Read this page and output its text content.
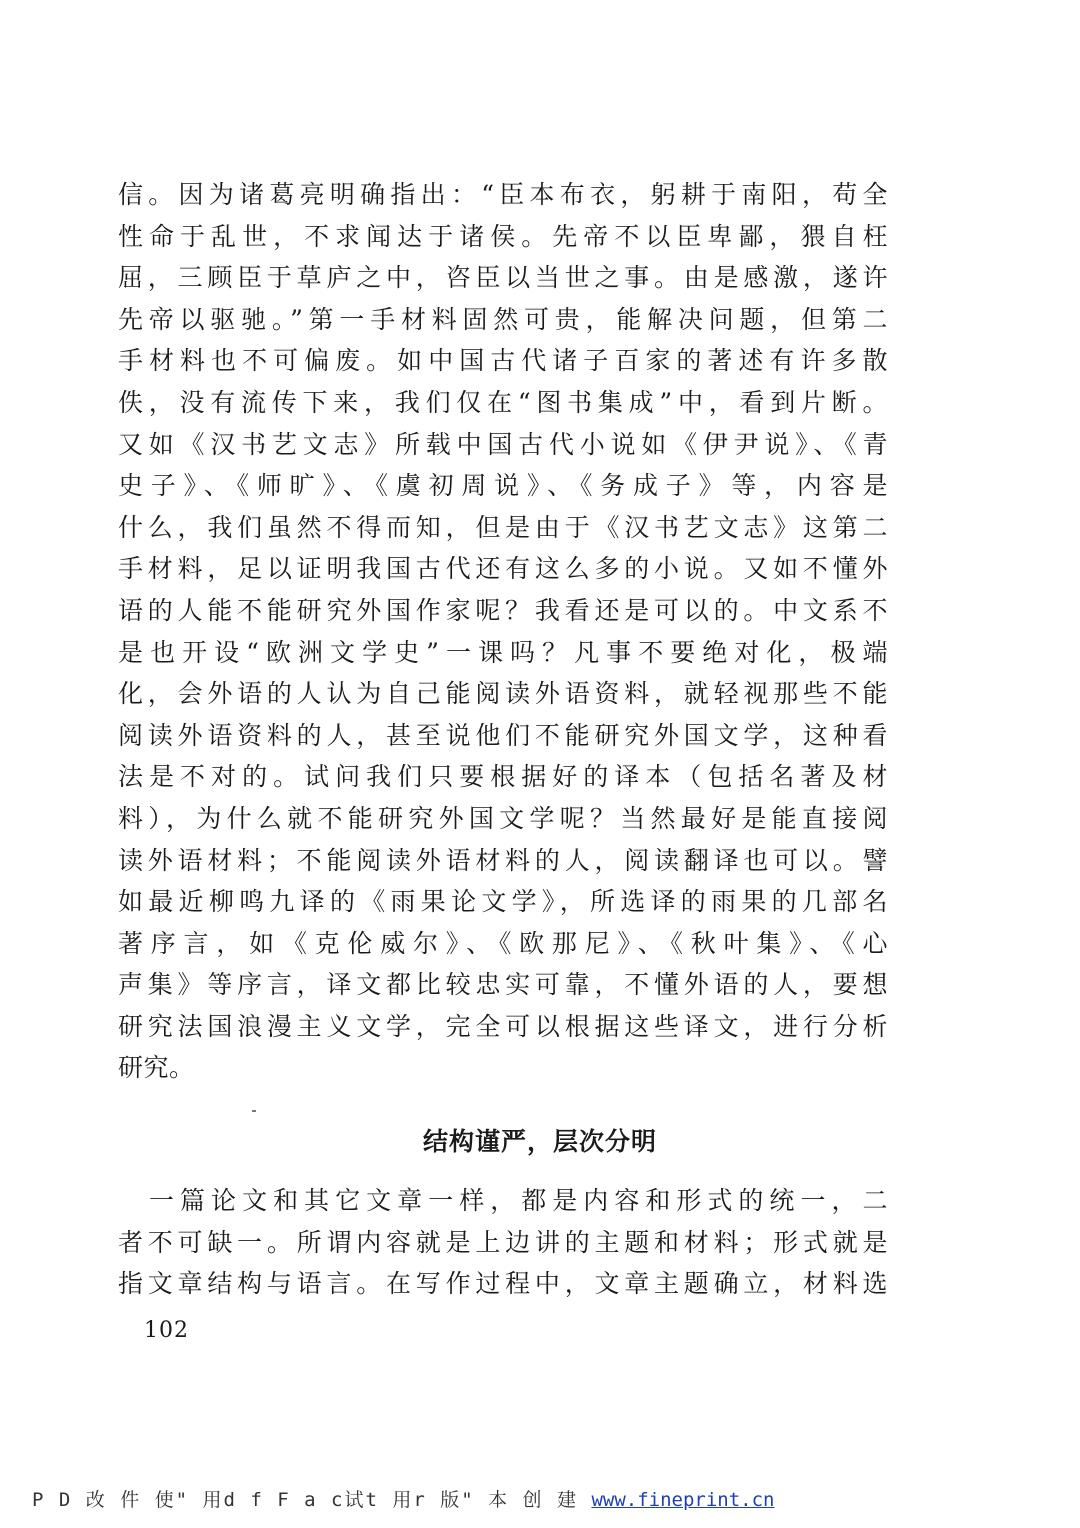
信。因为诸葛亮明确指出：“臣本布衣，躬耕于南阳，苟全
性命于乱世，不求闻达于诸侯。先帝不以臣卑鄙，猥自枉
屈，三顾臣于草庐之中，咨臣以当世之事。由是感激，遂许
先帝以驱驰。”第一手材料固然可贵，能解决问题，但第二
手材料也不可偏废。如中国古代诸子百家的著述有许多散
佚，没有流传下来，我们仅在“图书集成”中，看到片断。
又如《汉书艺文志》所载中国古代小说如《伊尹说》、《青
史子》、《师旷》、《虞初周说》、《务成子》等，内容是
什么，我们虽然不得而知，但是由于《汉书艺文志》这第二
手材料，足以证明我国古代还有这么多的小说。又如不懂外
语的人能不能研究外国作家呢？我看还是可以的。中文系不
是也开设“欧洲文学史”一课吗？凡事不要绝对化，极端
化，会外语的人认为自己能阅读外语资料，就轻视那些不能
阅读外语资料的人，甚至说他们不能研究外国文学，这种看
法是不对的。试问我们只要根据好的译本（包括名著及材
料），为什么就不能研究外国文学呢？当然最好是能直接阅
读外语材料；不能阅读外语材料的人，阅读翻译也可以。譬
如最近柳鸣九译的《雨果论文学》，所选译的雨果的几部名
著序言，如《克伦威尔》、《欧那尼》、《秋叶集》、《心
声集》等序言，译文都比较忠实可靠，不懂外语的人，要想
研究法国浪漫主义文学，完全可以根据这些译文，进行分析
研究。
结构谨严，层次分明
　一篇论文和其它文章一样，都是内容和形式的统一，二
者不可缺一。所谓内容就是上边讲的主题和材料；形式就是
指文章结构与语言。在写作过程中，文章主题确立，材料选
102
P D 改 件 使" 用d f F a c试t 用r 版" 本 创 建 www.fineprint.cn
